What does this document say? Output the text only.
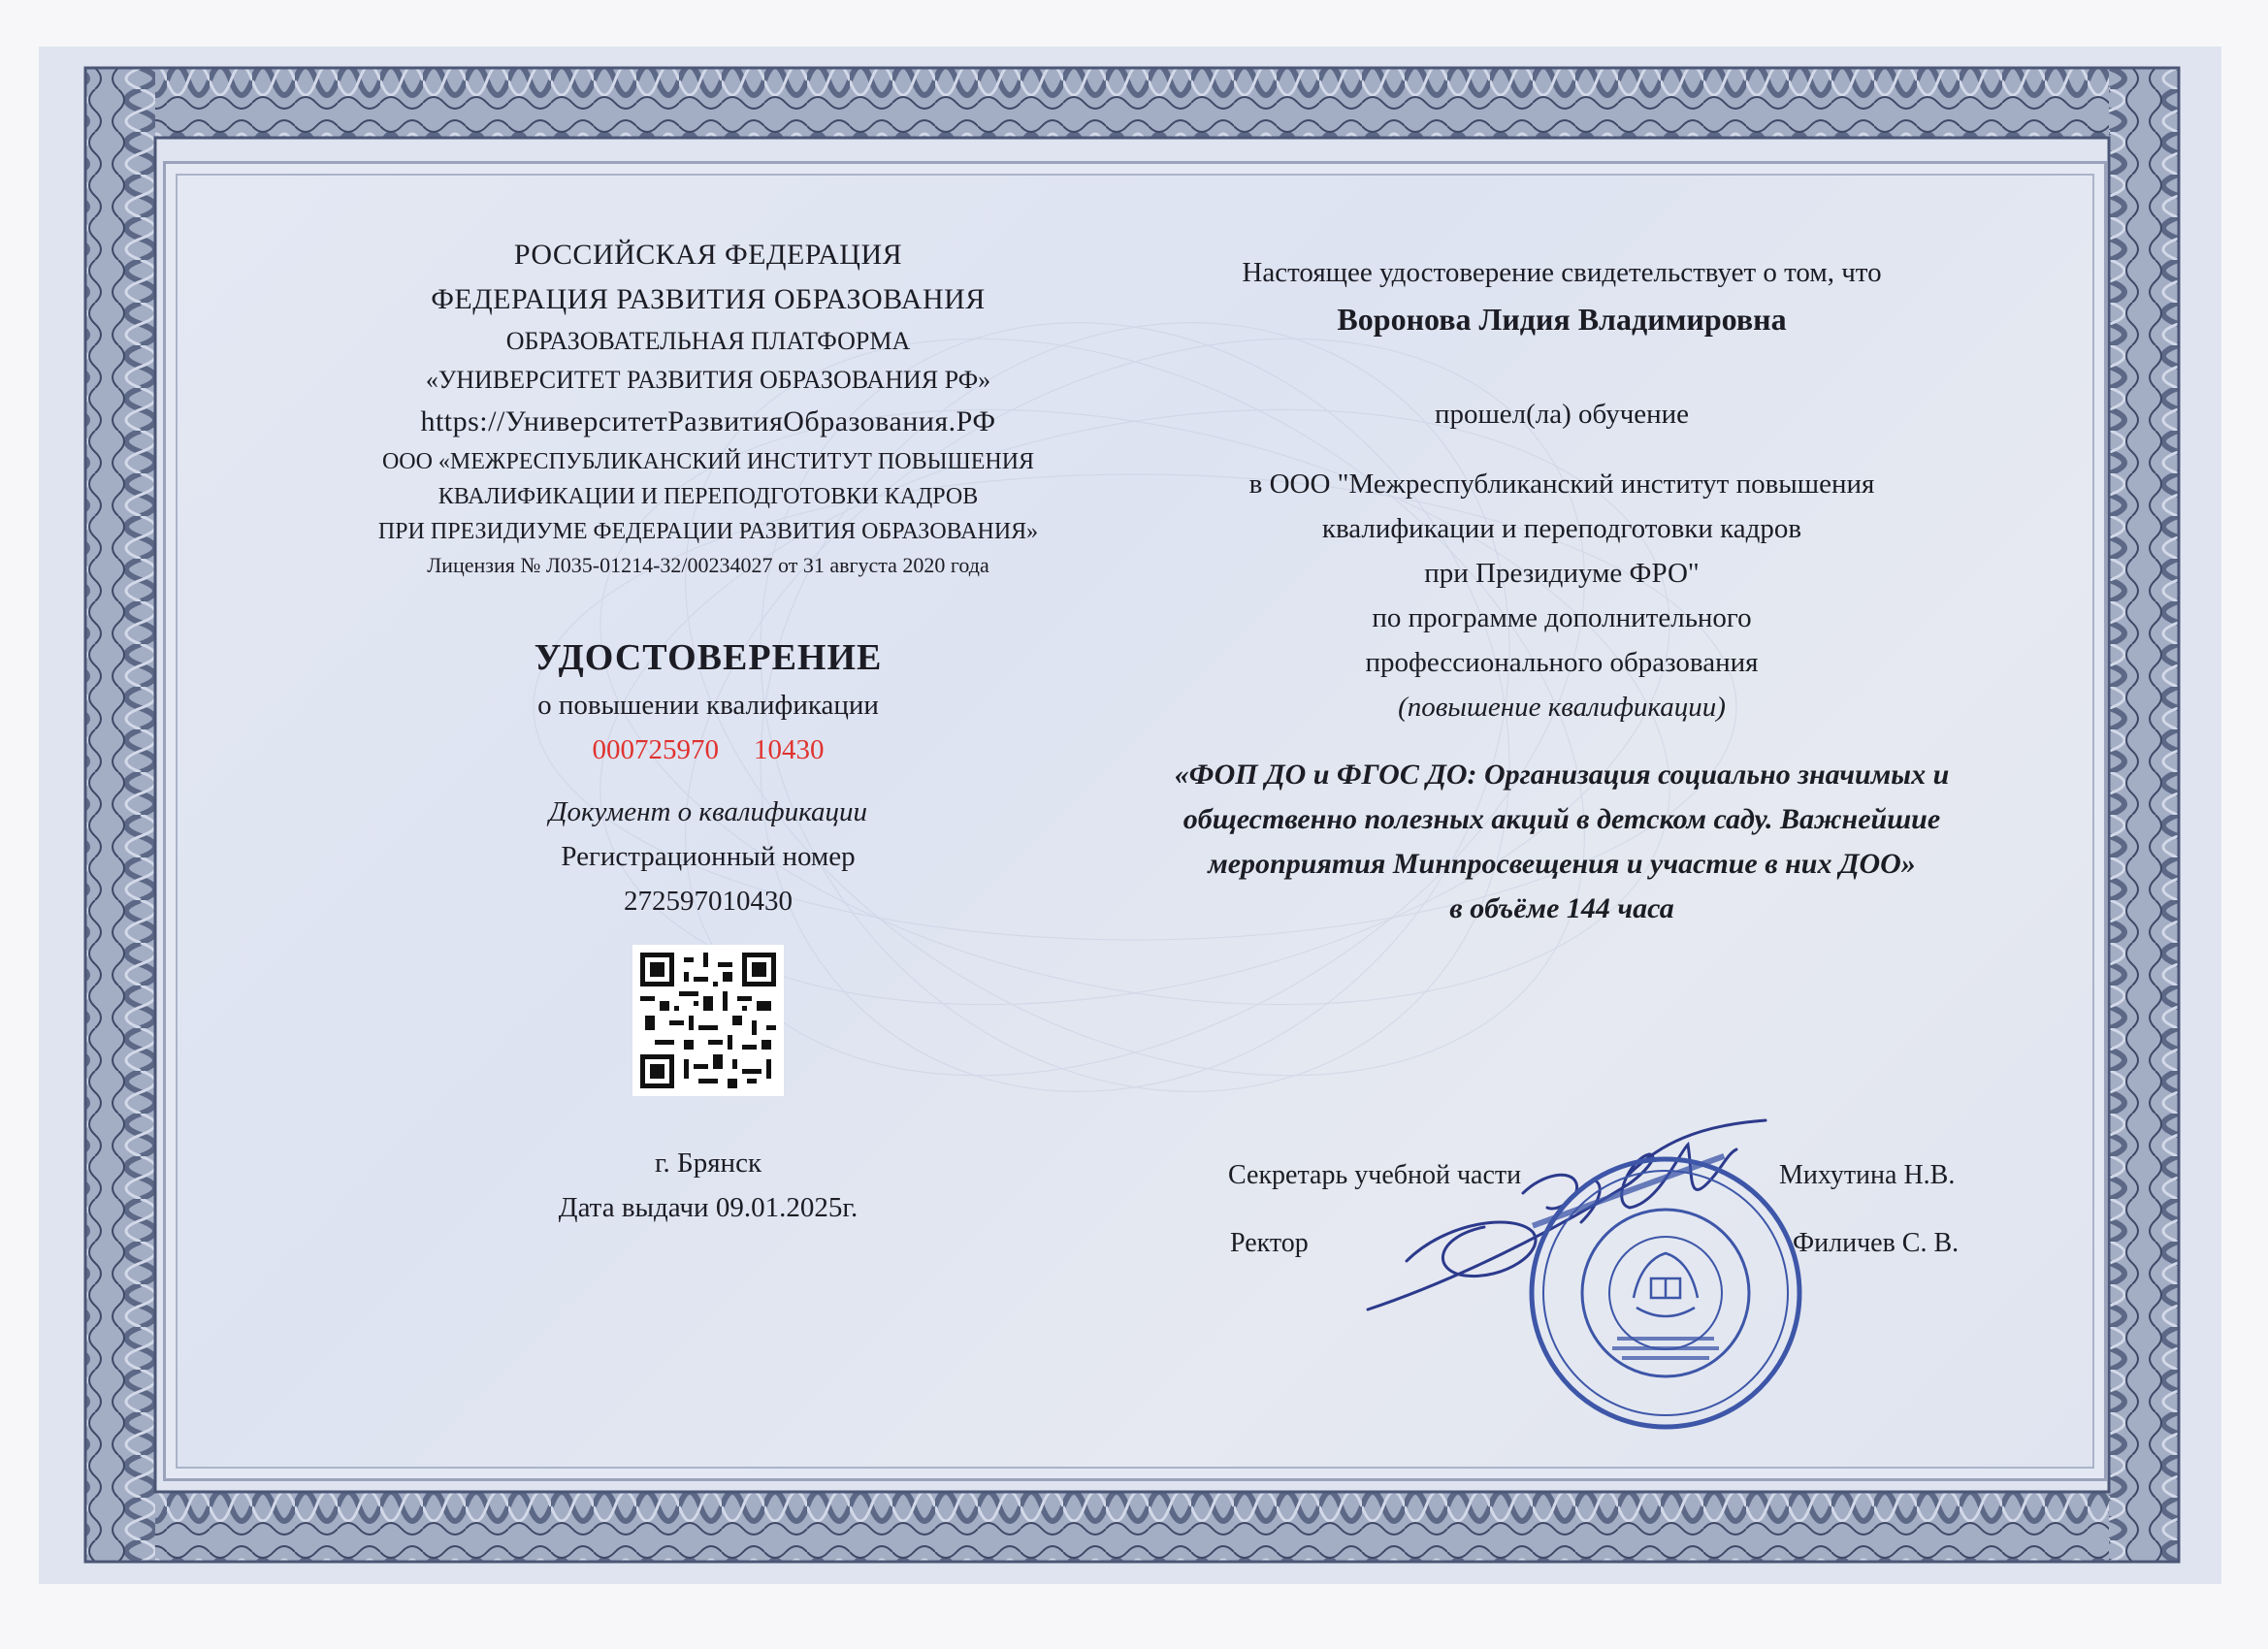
РОССИЙСКАЯ ФЕДЕРАЦИЯ
ФЕДЕРАЦИЯ РАЗВИТИЯ ОБРАЗОВАНИЯ
ОБРАЗОВАТЕЛЬНАЯ ПЛАТФОРМА
«УНИВЕРСИТЕТ РАЗВИТИЯ ОБРАЗОВАНИЯ РФ»
https://УниверситетРазвитияОбразования.РФ
ООО «МЕЖРЕСПУБЛИКАНСКИЙ ИНСТИТУТ ПОВЫШЕНИЯ
КВАЛИФИКАЦИИ И ПЕРЕПОДГОТОВКИ КАДРОВ
ПРИ ПРЕЗИДИУМЕ ФЕДЕРАЦИИ РАЗВИТИЯ ОБРАЗОВАНИЯ»
Лицензия № Л035-01214-32/00234027 от 31 августа 2020 года
УДОСТОВЕРЕНИЕ
о повышении квалификации
000725970 10430
Документ о квалификации
Регистрационный номер
272597010430
г. Брянск
Дата выдачи 09.01.2025г.
Настоящее удостоверение свидетельствует о том, что
Воронова Лидия Владимировна
прошел(ла) обучение
в ООО "Межреспубликанский институт повышения
квалификации и переподготовки кадров
при Президиуме ФРО"
по программе дополнительного
профессионального образования
(повышение квалификации)
«ФОП ДО и ФГОС ДО: Организация социально значимых и
общественно полезных акций в детском саду. Важнейшие
мероприятия Минпросвещения и участие в них ДОО»
в объёме 144 часа
Секретарь учебной части	Михутина Н.В.
Ректор	Филичев С. В.
